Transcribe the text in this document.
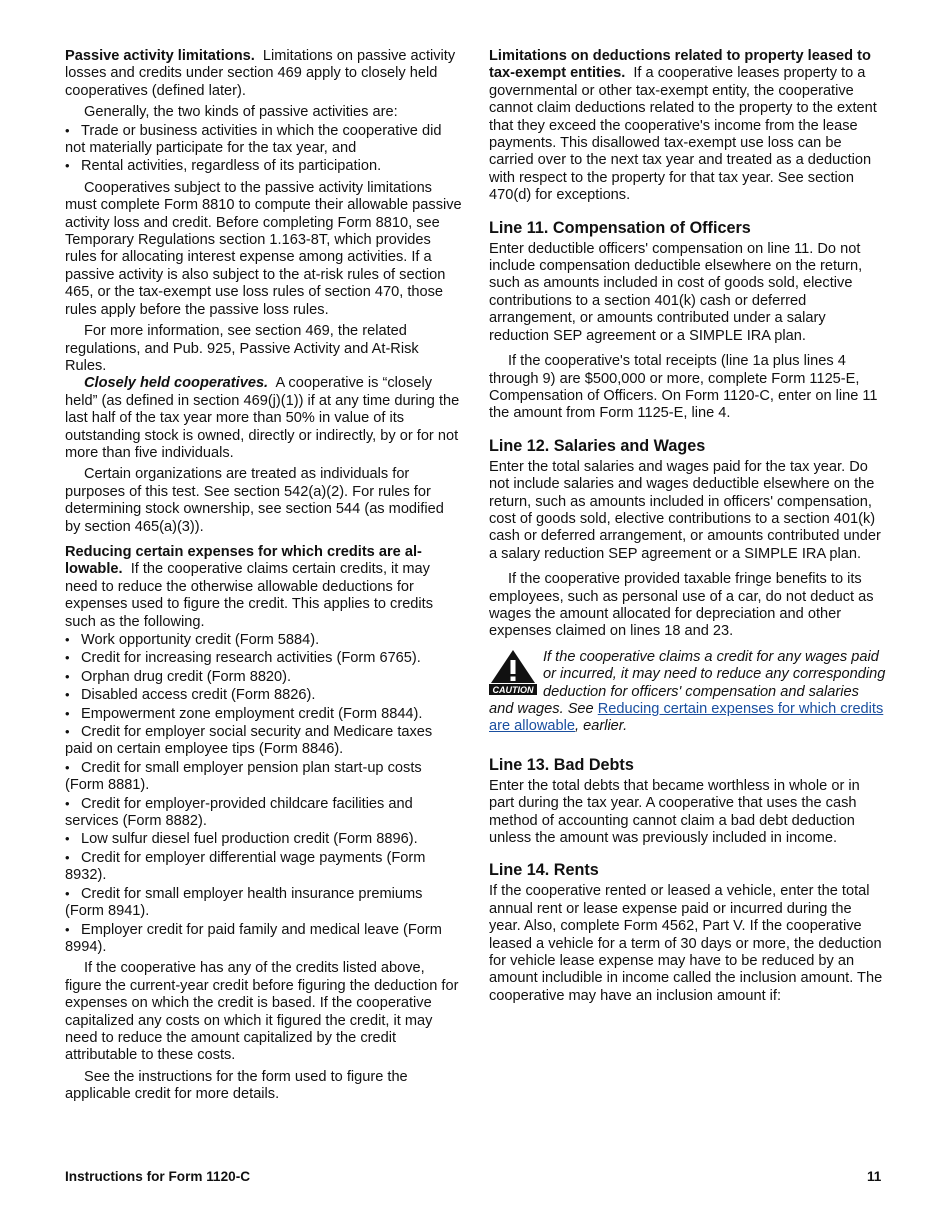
Passive activity limitations. Limitations on passive activity losses and credits under section 469 apply to closely held cooperatives (defined later).

Generally, the two kinds of passive activities are:

• Trade or business activities in which the cooperative did not materially participate for the tax year, and

• Rental activities, regardless of its participation.

Cooperatives subject to the passive activity limitations must complete Form 8810 to compute their allowable passive activity loss and credit. Before completing Form 8810, see Temporary Regulations section 1.163-8T, which provides rules for allocating interest expense among activities. If a passive activity is also subject to the at-risk rules of section 465, or the tax-exempt use loss rules of section 470, those rules apply before the passive loss rules.

For more information, see section 469, the related regulations, and Pub. 925, Passive Activity and At-Risk Rules.

Closely held cooperatives. A cooperative is “closely held” (as defined in section 469(j)(1)) if at any time during the last half of the tax year more than 50% in value of its outstanding stock is owned, directly or indirectly, by or for not more than five individuals.

Certain organizations are treated as individuals for purposes of this test. See section 542(a)(2). For rules for determining stock ownership, see section 544 (as modified by section 465(a)(3)).

Reducing certain expenses for which credits are allowable. If the cooperative claims certain credits, it may need to reduce the otherwise allowable deductions for expenses used to figure the credit. This applies to credits such as the following.

• Work opportunity credit (Form 5884).

• Credit for increasing research activities (Form 6765).

• Orphan drug credit (Form 8820).

• Disabled access credit (Form 8826).

• Empowerment zone employment credit (Form 8844).

• Credit for employer social security and Medicare taxes paid on certain employee tips (Form 8846).

• Credit for small employer pension plan start-up costs (Form 8881).

• Credit for employer-provided childcare facilities and services (Form 8882).

• Low sulfur diesel fuel production credit (Form 8896).

• Credit for employer differential wage payments (Form 8932).

• Credit for small employer health insurance premiums (Form 8941).

• Employer credit for paid family and medical leave (Form 8994).

If the cooperative has any of the credits listed above, figure the current-year credit before figuring the deduction for expenses on which the credit is based. If the cooperative capitalized any costs on which it figured the credit, it may need to reduce the amount capitalized by the credit attributable to these costs.

See the instructions for the form used to figure the applicable credit for more details.

Limitations on deductions related to property leased to tax-exempt entities. If a cooperative leases property to a governmental or other tax-exempt entity, the cooperative cannot claim deductions related to the property to the extent that they exceed the cooperative's income from the lease payments. This disallowed tax-exempt use loss can be carried over to the next tax year and treated as a deduction with respect to the property for that tax year. See section 470(d) for exceptions.

Line 11. Compensation of Officers

Enter deductible officers' compensation on line 11. Do not include compensation deductible elsewhere on the return, such as amounts included in cost of goods sold, elective contributions to a section 401(k) cash or deferred arrangement, or amounts contributed under a salary reduction SEP agreement or a SIMPLE IRA plan.

If the cooperative's total receipts (line 1a plus lines 4 through 9) are $500,000 or more, complete Form 1125-E, Compensation of Officers. On Form 1120-C, enter on line 11 the amount from Form 1125-E, line 4.

Line 12. Salaries and Wages

Enter the total salaries and wages paid for the tax year. Do not include salaries and wages deductible elsewhere on the return, such as amounts included in officers' compensation, cost of goods sold, elective contributions to a section 401(k) cash or deferred arrangement, or amounts contributed under a salary reduction SEP agreement or a SIMPLE IRA plan.

If the cooperative provided taxable fringe benefits to its employees, such as personal use of a car, do not deduct as wages the amount allocated for depreciation and other expenses claimed on lines 18 and 23.

CAUTION
If the cooperative claims a credit for any wages paid or incurred, it may need to reduce any corresponding deduction for officers' compensation and salaries and wages. See Reducing certain expenses for which credits are allowable, earlier.
Line 13. Bad Debts

Enter the total debts that became worthless in whole or in part during the tax year. A cooperative that uses the cash method of accounting cannot claim a bad debt deduction unless the amount was previously included in income.

Line 14. Rents

If the cooperative rented or leased a vehicle, enter the total annual rent or lease expense paid or incurred during the year. Also, complete Form 4562, Part V. If the cooperative leased a vehicle for a term of 30 days or more, the deduction for vehicle lease expense may have to be reduced by an amount includible in income called the inclusion amount. The cooperative may have an inclusion amount if:

Instructions for Form 1120-C	11
